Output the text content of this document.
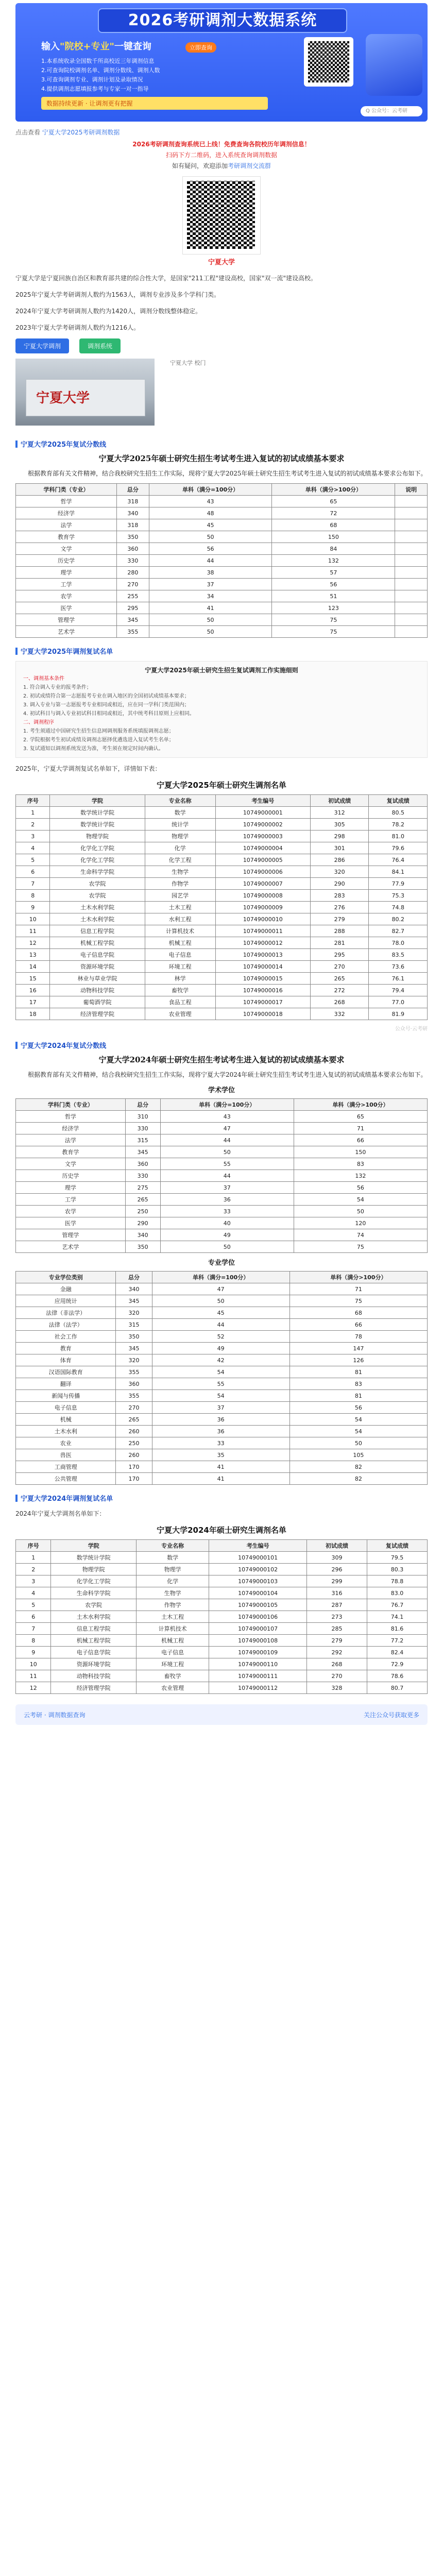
2026考研调剂大数据系统
输入"院校+专业"一键查询
1.本系统收录全国数千所高校近三年调剂信息
2.可查询院校调剂名单、调剂分数线、调剂人数
3.可查询调剂专业、调剂计划及录取情况
4.提供调剂志愿填报参考与专家一对一指导
立即查询
数据持续更新 · 让调剂更有把握
Q 公众号：云考研
点击查看 宁夏大学2025考研调剂数据
2026考研调剂查询系统已上线！免费查询各院校历年调剂信息！
扫码下方二维码，进入系统查询调剂数据
如有疑问，欢迎添加考研调剂交流群
宁夏大学
宁夏大学是宁夏回族自治区和教育部共建的综合性大学，是国家"211工程"建设高校，国家"双一流"建设高校。
2025年宁夏大学考研调剂人数约为1563人，调剂专业涉及多个学科门类。
2024年宁夏大学考研调剂人数约为1420人，调剂分数线整体稳定。
2023年宁夏大学考研调剂人数约为1216人。
宁夏大学调剂	调剂系统
宁夏大学
宁夏大学 校门
宁夏大学2025年复试分数线
宁夏大学2025年硕士研究生招生考试考生进入复试的初试成绩基本要求
根据教育部有关文件精神，结合我校研究生招生工作实际，现将宁夏大学2025年硕士研究生招生考试考生进入复试的初试成绩基本要求公布如下。
学科门类（专业）	总分	单科（满分=100分）	单科（满分>100分）	说明
哲学	318	43	65	
经济学	340	48	72	
法学	318	45	68	
教育学	350	50	150	
文学	360	56	84	
历史学	330	44	132	
理学	280	38	57	
工学	270	37	56	
农学	255	34	51	
医学	295	41	123	
管理学	345	50	75	
艺术学	355	50	75	
宁夏大学2025年调剂复试名单
宁夏大学2025年硕士研究生招生复试调剂工作实施细则
一、调剂基本条件
1. 符合调入专业的报考条件；
2. 初试成绩符合第一志愿报考专业在调入地区的全国初试成绩基本要求；
3. 调入专业与第一志愿报考专业相同或相近，应在同一学科门类范围内；
4. 初试科目与调入专业初试科目相同或相近，其中统考科目原则上应相同。
二、调剂程序
1. 考生须通过中国研究生招生信息网调剂服务系统填报调剂志愿；
2. 学院根据考生初试成绩及调剂志愿择优遴选进入复试考生名单；
3. 复试通知以调剂系统发送为准，考生须在规定时间内确认。
2025年，宁夏大学调剂复试名单如下，详情如下表：
宁夏大学2025年硕士研究生调剂名单
序号	学院	专业名称	考生编号	初试成绩	复试成绩
1	数学统计学院	数学	10749000001	312	80.5
2	数学统计学院	统计学	10749000002	305	78.2
3	物理学院	物理学	10749000003	298	81.0
4	化学化工学院	化学	10749000004	301	79.6
5	化学化工学院	化学工程	10749000005	286	76.4
6	生命科学学院	生物学	10749000006	320	84.1
7	农学院	作物学	10749000007	290	77.9
8	农学院	园艺学	10749000008	283	75.3
9	土木水利学院	土木工程	10749000009	276	74.8
10	土木水利学院	水利工程	10749000010	279	80.2
11	信息工程学院	计算机技术	10749000011	288	82.7
12	机械工程学院	机械工程	10749000012	281	78.0
13	电子信息学院	电子信息	10749000013	295	83.5
14	资源环境学院	环境工程	10749000014	270	73.6
15	林业与草业学院	林学	10749000015	265	76.1
16	动物科技学院	畜牧学	10749000016	272	79.4
17	葡萄酒学院	食品工程	10749000017	268	77.0
18	经济管理学院	农业管理	10749000018	332	81.9
公众号·云考研
宁夏大学2024年复试分数线
宁夏大学2024年硕士研究生招生考试考生进入复试的初试成绩基本要求
根据教育部有关文件精神，结合我校研究生招生工作实际，现将宁夏大学2024年硕士研究生招生考试考生进入复试的初试成绩基本要求公布如下。
学术学位
学科门类（专业）	总分	单科（满分=100分）	单科（满分>100分）
哲学	310	43	65
经济学	330	47	71
法学	315	44	66
教育学	345	50	150
文学	360	55	83
历史学	330	44	132
理学	275	37	56
工学	265	36	54
农学	250	33	50
医学	290	40	120
管理学	340	49	74
艺术学	350	50	75
专业学位
专业学位类别	总分	单科（满分=100分）	单科（满分>100分）
金融	340	47	71
应用统计	345	50	75
法律（非法学）	320	45	68
法律（法学）	315	44	66
社会工作	350	52	78
教育	345	49	147
体育	320	42	126
汉语国际教育	355	54	81
翻译	360	55	83
新闻与传播	355	54	81
电子信息	270	37	56
机械	265	36	54
土木水利	260	36	54
农业	250	33	50
兽医	260	35	105
工商管理	170	41	82
公共管理	170	41	82
宁夏大学2024年调剂复试名单
2024年宁夏大学调剂名单如下：
宁夏大学2024年硕士研究生调剂名单
序号	学院	专业名称	考生编号	初试成绩	复试成绩
1	数学统计学院	数学	10749000101	309	79.5
2	物理学院	物理学	10749000102	296	80.3
3	化学化工学院	化学	10749000103	299	78.8
4	生命科学学院	生物学	10749000104	316	83.0
5	农学院	作物学	10749000105	287	76.7
6	土木水利学院	土木工程	10749000106	273	74.1
7	信息工程学院	计算机技术	10749000107	285	81.6
8	机械工程学院	机械工程	10749000108	279	77.2
9	电子信息学院	电子信息	10749000109	292	82.4
10	资源环境学院	环境工程	10749000110	268	72.9
11	动物科技学院	畜牧学	10749000111	270	78.6
12	经济管理学院	农业管理	10749000112	328	80.7
云考研 · 调剂数据查询	关注公众号获取更多
